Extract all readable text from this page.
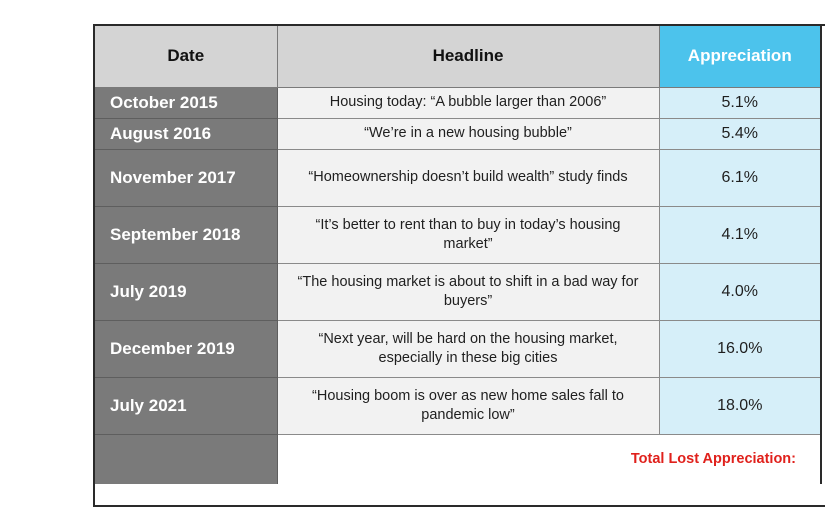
Date	Headline	Appreciation	
October 2015	Housing today: “A bubble larger than 2006”	5.1%	
August 2016	“We’re in a new housing bubble”	5.4%	
November 2017	“Homeownership doesn’t build wealth” study finds	6.1%	
September 2018	“It’s better to rent than to buy in today’s housing market”	4.1%	
July 2019	“The housing market is about to shift in a bad way for buyers”	4.0%	
December 2019	“Next year, will be hard on the housing market, especially in these big cities	16.0%	
July 2021	“Housing boom is over as new home sales fall to pandemic low”	18.0%	
	Total Lost Appreciation:		
